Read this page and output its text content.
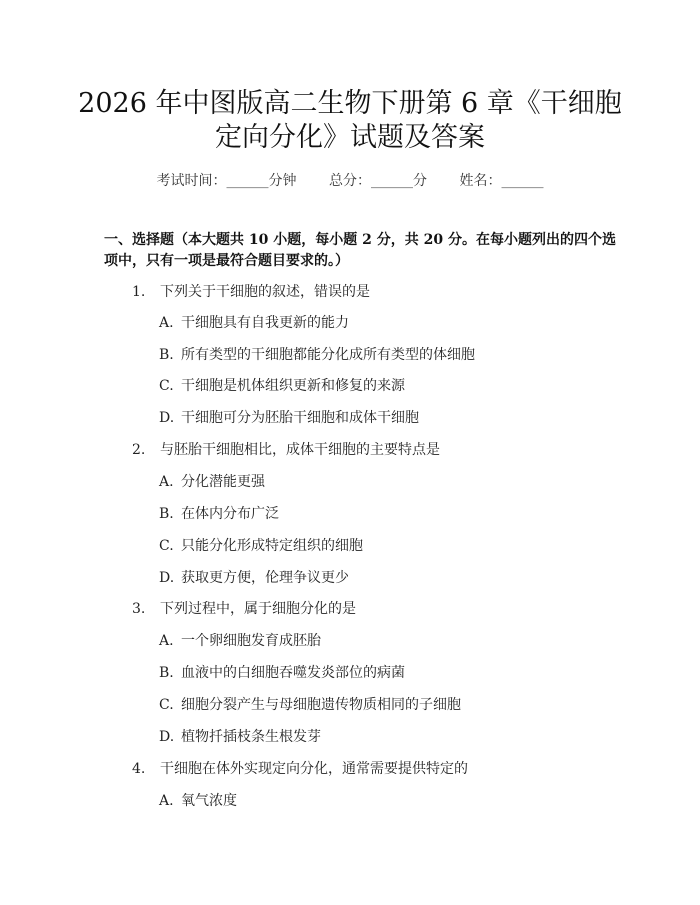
2026 年中图版高二生物下册第 6 章《干细胞
定向分化》试题及答案
考试时间：______分钟 总分：______分 姓名：______
一、选择题（本大题共 10 小题，每小题 2 分，共 20 分。在每小题列出的四个选
项中，只有一项是最符合题目要求的。）
1. 下列关于干细胞的叙述，错误的是
A. 干细胞具有自我更新的能力
B. 所有类型的干细胞都能分化成所有类型的体细胞
C. 干细胞是机体组织更新和修复的来源
D. 干细胞可分为胚胎干细胞和成体干细胞
2. 与胚胎干细胞相比，成体干细胞的主要特点是
A. 分化潜能更强
B. 在体内分布广泛
C. 只能分化形成特定组织的细胞
D. 获取更方便，伦理争议更少
3. 下列过程中，属于细胞分化的是
A. 一个卵细胞发育成胚胎
B. 血液中的白细胞吞噬发炎部位的病菌
C. 细胞分裂产生与母细胞遗传物质相同的子细胞
D. 植物扦插枝条生根发芽
4. 干细胞在体外实现定向分化，通常需要提供特定的
A. 氧气浓度
